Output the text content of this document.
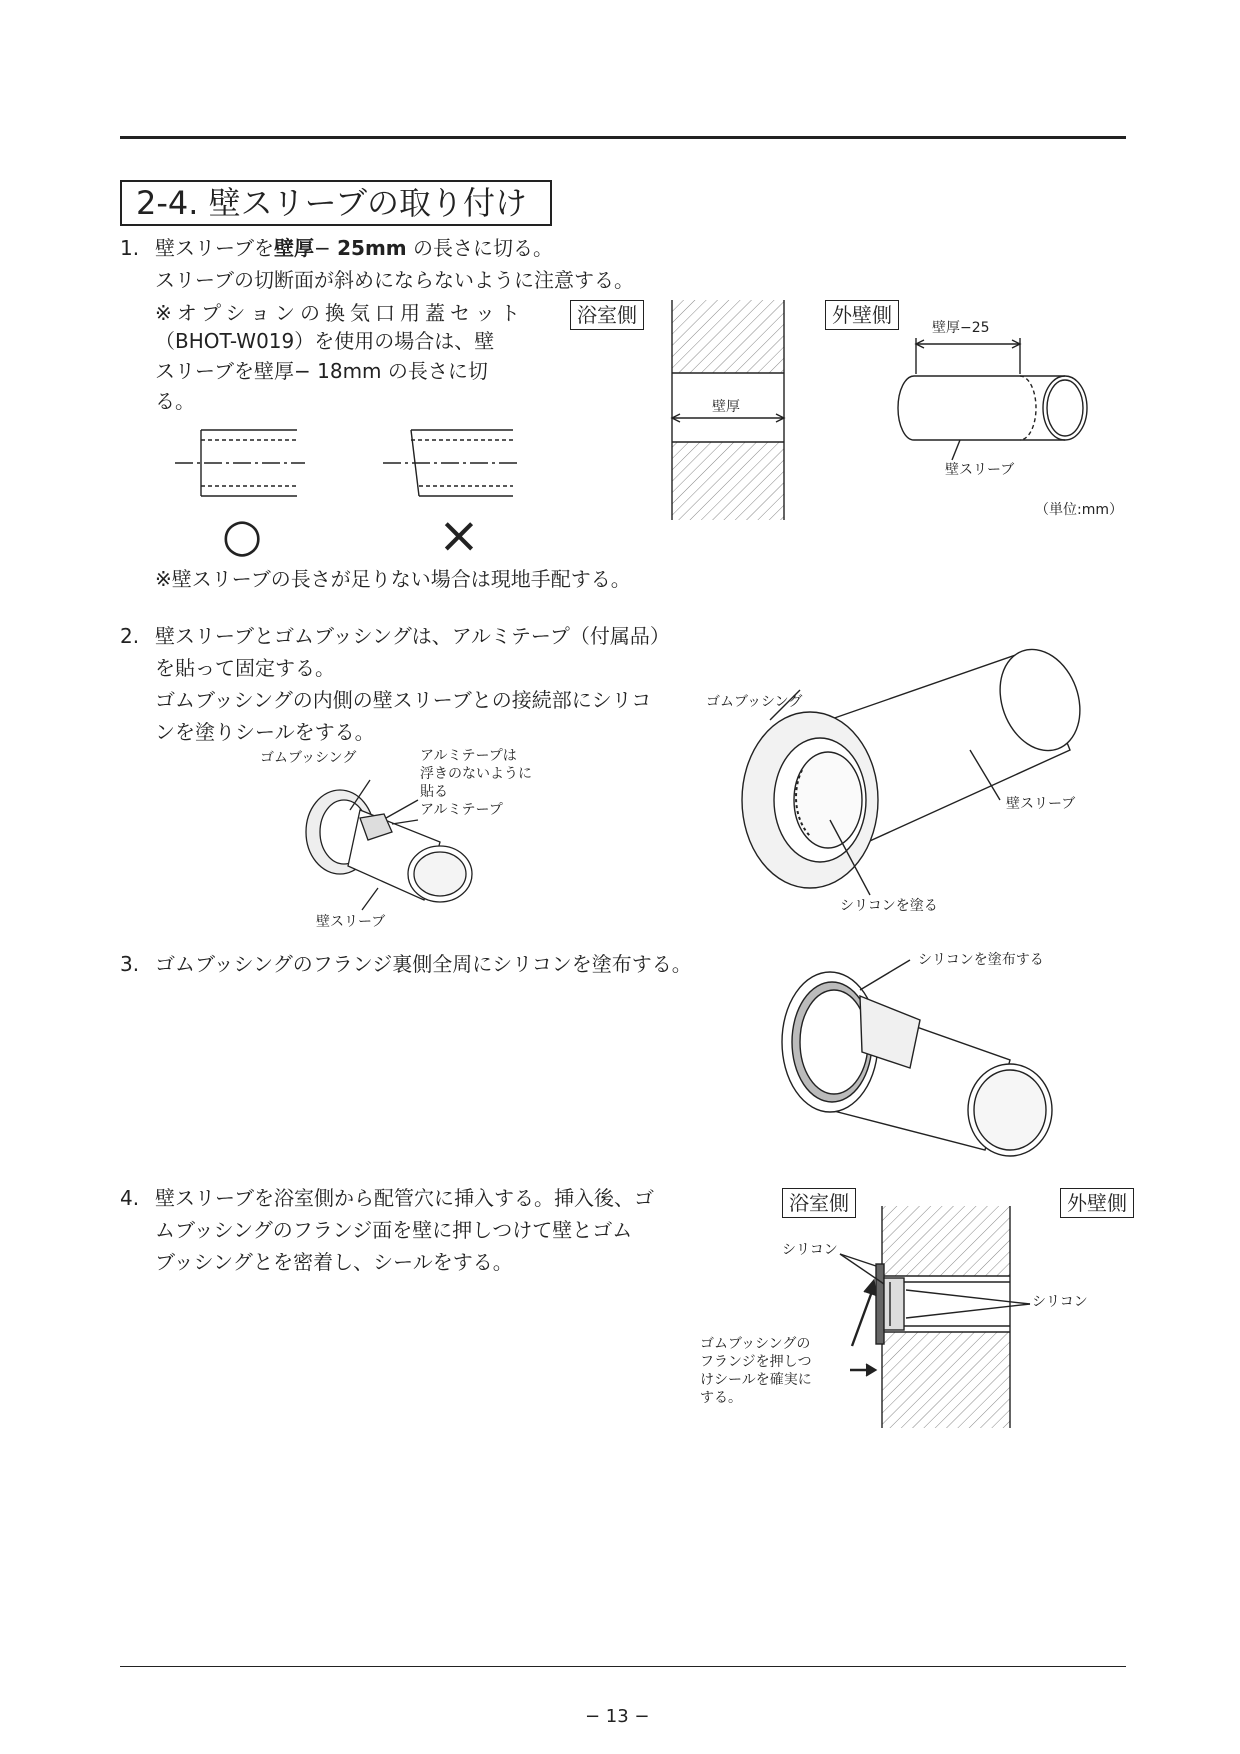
2-4. 壁スリーブの取り付け
1. 壁スリーブを壁厚− 25mm の長さに切る。
スリーブの切断面が斜めにならないように注意する。
※オプションの換気口用蓋セット
（BHOT-W019）を使用の場合は、壁
スリーブを壁厚− 18mm の長さに切
る。
○	×
※壁スリーブの長さが足りない場合は現地手配する。
浴室側
壁厚
外壁側
壁厚−25
壁スリーブ
（単位:mm）
2. 壁スリーブとゴムブッシングは、アルミテープ（付属品）
を貼って固定する。
ゴムブッシングの内側の壁スリーブとの接続部にシリコ
ンを塗りシールをする。
ゴムブッシング	アルミテープは
浮きのないように
貼る
アルミテープ
壁スリーブ
ゴムブッシング
壁スリーブ
シリコンを塗る
3. ゴムブッシングのフランジ裏側全周にシリコンを塗布する。	シリコンを塗布する
4. 壁スリーブを浴室側から配管穴に挿入する。挿入後、ゴ
ムブッシングのフランジ面を壁に押しつけて壁とゴム
ブッシングとを密着し、シールをする。
浴室側	外壁側
シリコン
シリコン
ゴムブッシングの
フランジを押しつ
けシールを確実に
する。
− 13 −
